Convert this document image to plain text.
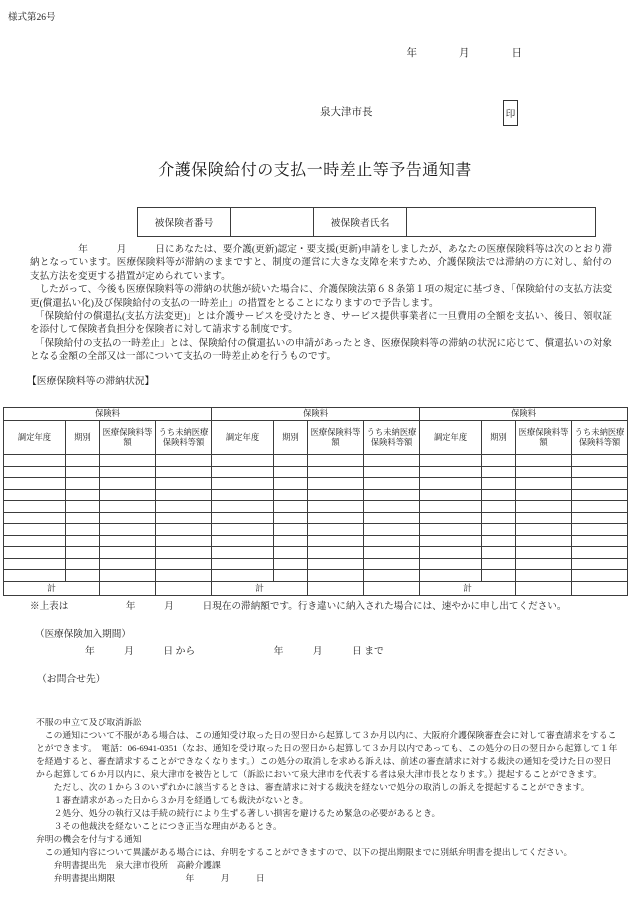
様式第26号
年　　　　月　　　　日
泉大津市長	印
介護保険給付の支払一時差止等予告通知書
被保険者番号		被保険者氏名	

　　　　　年　　　月　　　日にあなたは、要介護(更新)認定・要支援(更新)申請をしましたが、あなたの医療保険料等は次のとおり滞納となっています。医療保険料等が滞納のままですと、制度の運営に大きな支障を来すため、介護保険法では滞納の方に対し、給付の支払方法を変更する措置が定められています。

　したがって、今後も医療保険料等の滞納の状態が続いた場合に、介護保険法第６８条第１項の規定に基づき、「保険給付の支払方法変更(償還払い化)及び保険給付の支払の一時差止」の措置をとることになりますので予告します。

　「保険給付の償還払(支払方法変更)」とは介護サービスを受けたとき、サービス提供事業者に一旦費用の全額を支払い、後日、領収証を添付して保険者負担分を保険者に対して請求する制度です。

　「保険給付の支払の一時差止」とは、保険給付の償還払いの申請があったとき、医療保険料等の滞納の状況に応じて、償還払いの対象となる金額の全部又は一部について支払の一時差止めを行うものです。

【医療保険料等の滞納状況】
保険料				保険料				保険料			
調定年度	期別	医療保険料等額	うち未納医療保険料等額	調定年度	期別	医療保険料等額	うち未納医療保険料等額	調定年度	期別	医療保険料等額	うち未納医療保険料等額

計				計				計			
※上表は　　　　　　年　　　月　　　日現在の滞納額です。行き違いに納入された場合には、速やかに申し出てください。
（医療保険加入期間）
年　　　月　　　日 から　　　　　　　　年　　　月　　　日 まで
（お問合せ先）

不服の申立て及び取消訴訟

　この通知について不服がある場合は、この通知受け取った日の翌日から起算して３か月以内に、大阪府介護保険審査会に対して審査請求をすることができます。　電話：06-6941-0351（なお、通知を受け取った日の翌日から起算して３か月以内であっても、この処分の日の翌日から起算して１年を経過すると、審査請求することができなくなります。）この処分の取消しを求める訴えは、前述の審査請求に対する裁決の通知を受けた日の翌日から起算して６か月以内に、泉大津市を被告として（訴訟において泉大津市を代表する者は泉大津市長となります。）提起することができます。

　　ただし、次の１から３のいずれかに該当するときは、審査請求に対する裁決を経ないで処分の取消しの訴えを提起することができます。

　　１審査請求があった日から３か月を経過しても裁決がないとき。

　　２処分、処分の執行又は手続の続行により生ずる著しい損害を避けるため緊急の必要があるとき。

　　３その他裁決を経ないことにつき正当な理由があるとき。

弁明の機会を付与する通知

　この通知内容について異議がある場合には、弁明をすることができますので、以下の提出期限までに別紙弁明書を提出してください。

　　弁明書提出先　泉大津市役所　高齢介護課

　　弁明書提出期限　　　　　　　　年　　　月　　　日
